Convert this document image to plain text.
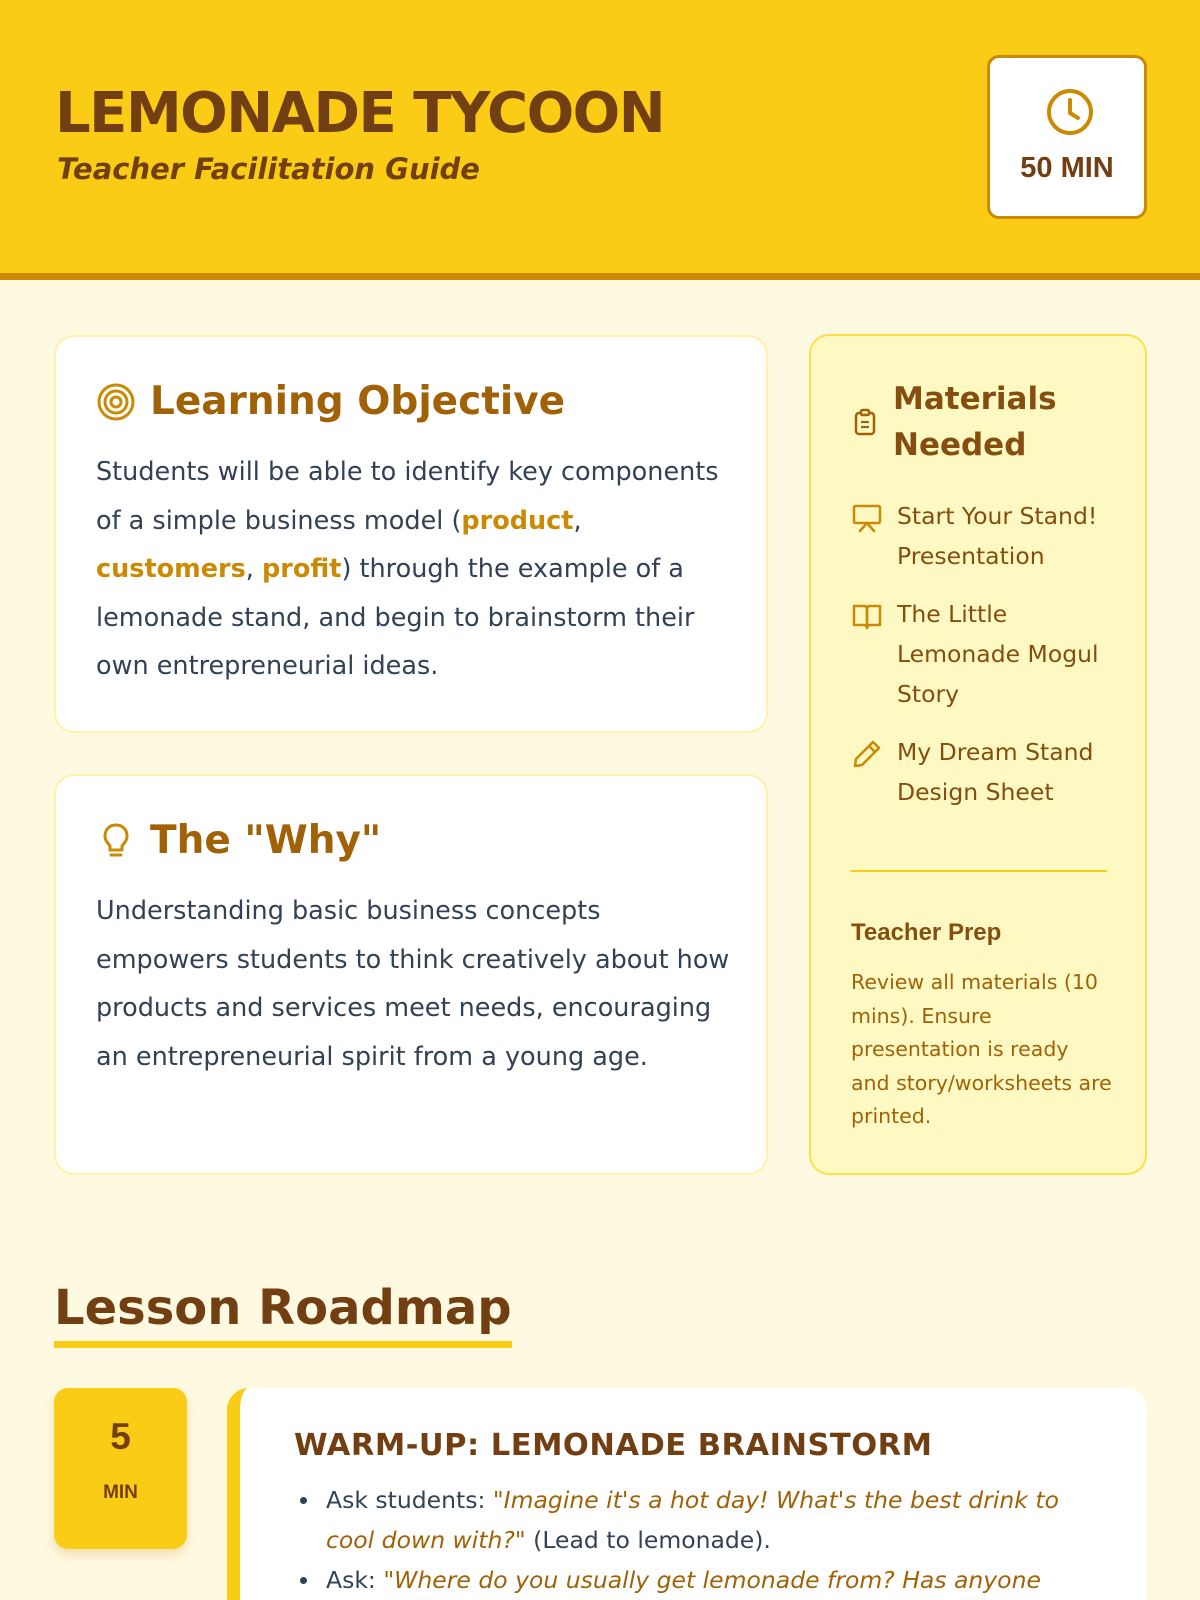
LEMONADE TYCOON
Teacher Facilitation Guide	50 MIN
Learning Objective

Students will be able to identify key components of a simple business model (product, customers, profit) through the example of a lemonade stand, and begin to brainstorm their own entrepreneurial ideas.

The "Why"

Understanding basic business concepts empowers students to think creatively about how products and services meet needs, encouraging an entrepreneurial spirit from a young age.

Materials Needed
Start Your Stand! Presentation
The Little Lemonade Mogul Story
My Dream Stand Design Sheet
Teacher Prep

Review all materials (10 mins). Ensure presentation is ready and story/worksheets are printed.

Lesson Roadmap
5
MIN
WARM-UP: LEMONADE BRAINSTORM
Ask students: "Imagine it's a hot day! What's the best drink to cool down with?" (Lead to lemonade).
Ask: "Where do you usually get lemonade from? Has anyone
